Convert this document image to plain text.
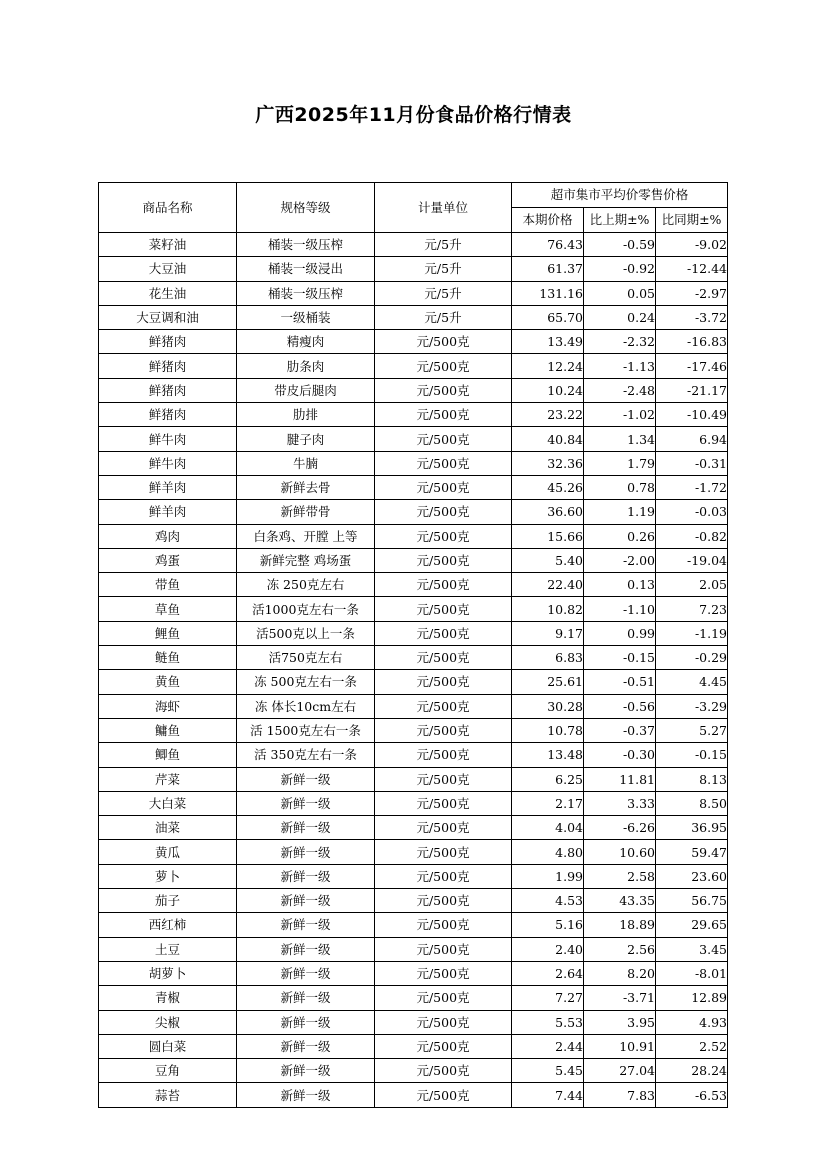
广西2025年11月份食品价格行情表
商品名称	规格等级	计量单位	超市集市平均价零售价格		
			本期价格	比上期±%	比同期±%
菜籽油	桶装一级压榨	元/5升	76.43	-0.59	-9.02
大豆油	桶装一级浸出	元/5升	61.37	-0.92	-12.44
花生油	桶装一级压榨	元/5升	131.16	0.05	-2.97
大豆调和油	一级桶装	元/5升	65.70	0.24	-3.72
鲜猪肉	精瘦肉	元/500克	13.49	-2.32	-16.83
鲜猪肉	肋条肉	元/500克	12.24	-1.13	-17.46
鲜猪肉	带皮后腿肉	元/500克	10.24	-2.48	-21.17
鲜猪肉	肋排	元/500克	23.22	-1.02	-10.49
鲜牛肉	腱子肉	元/500克	40.84	1.34	6.94
鲜牛肉	牛腩	元/500克	32.36	1.79	-0.31
鲜羊肉	新鲜去骨	元/500克	45.26	0.78	-1.72
鲜羊肉	新鲜带骨	元/500克	36.60	1.19	-0.03
鸡肉	白条鸡、开膛 上等	元/500克	15.66	0.26	-0.82
鸡蛋	新鲜完整 鸡场蛋	元/500克	5.40	-2.00	-19.04
带鱼	冻 250克左右	元/500克	22.40	0.13	2.05
草鱼	活1000克左右一条	元/500克	10.82	-1.10	7.23
鲤鱼	活500克以上一条	元/500克	9.17	0.99	-1.19
鲢鱼	活750克左右	元/500克	6.83	-0.15	-0.29
黄鱼	冻 500克左右一条	元/500克	25.61	-0.51	4.45
海虾	冻 体长10cm左右	元/500克	30.28	-0.56	-3.29
鳙鱼	活 1500克左右一条	元/500克	10.78	-0.37	5.27
鲫鱼	活 350克左右一条	元/500克	13.48	-0.30	-0.15
芹菜	新鲜一级	元/500克	6.25	11.81	8.13
大白菜	新鲜一级	元/500克	2.17	3.33	8.50
油菜	新鲜一级	元/500克	4.04	-6.26	36.95
黄瓜	新鲜一级	元/500克	4.80	10.60	59.47
萝卜	新鲜一级	元/500克	1.99	2.58	23.60
茄子	新鲜一级	元/500克	4.53	43.35	56.75
西红柿	新鲜一级	元/500克	5.16	18.89	29.65
土豆	新鲜一级	元/500克	2.40	2.56	3.45
胡萝卜	新鲜一级	元/500克	2.64	8.20	-8.01
青椒	新鲜一级	元/500克	7.27	-3.71	12.89
尖椒	新鲜一级	元/500克	5.53	3.95	4.93
圆白菜	新鲜一级	元/500克	2.44	10.91	2.52
豆角	新鲜一级	元/500克	5.45	27.04	28.24
蒜苔	新鲜一级	元/500克	7.44	7.83	-6.53
